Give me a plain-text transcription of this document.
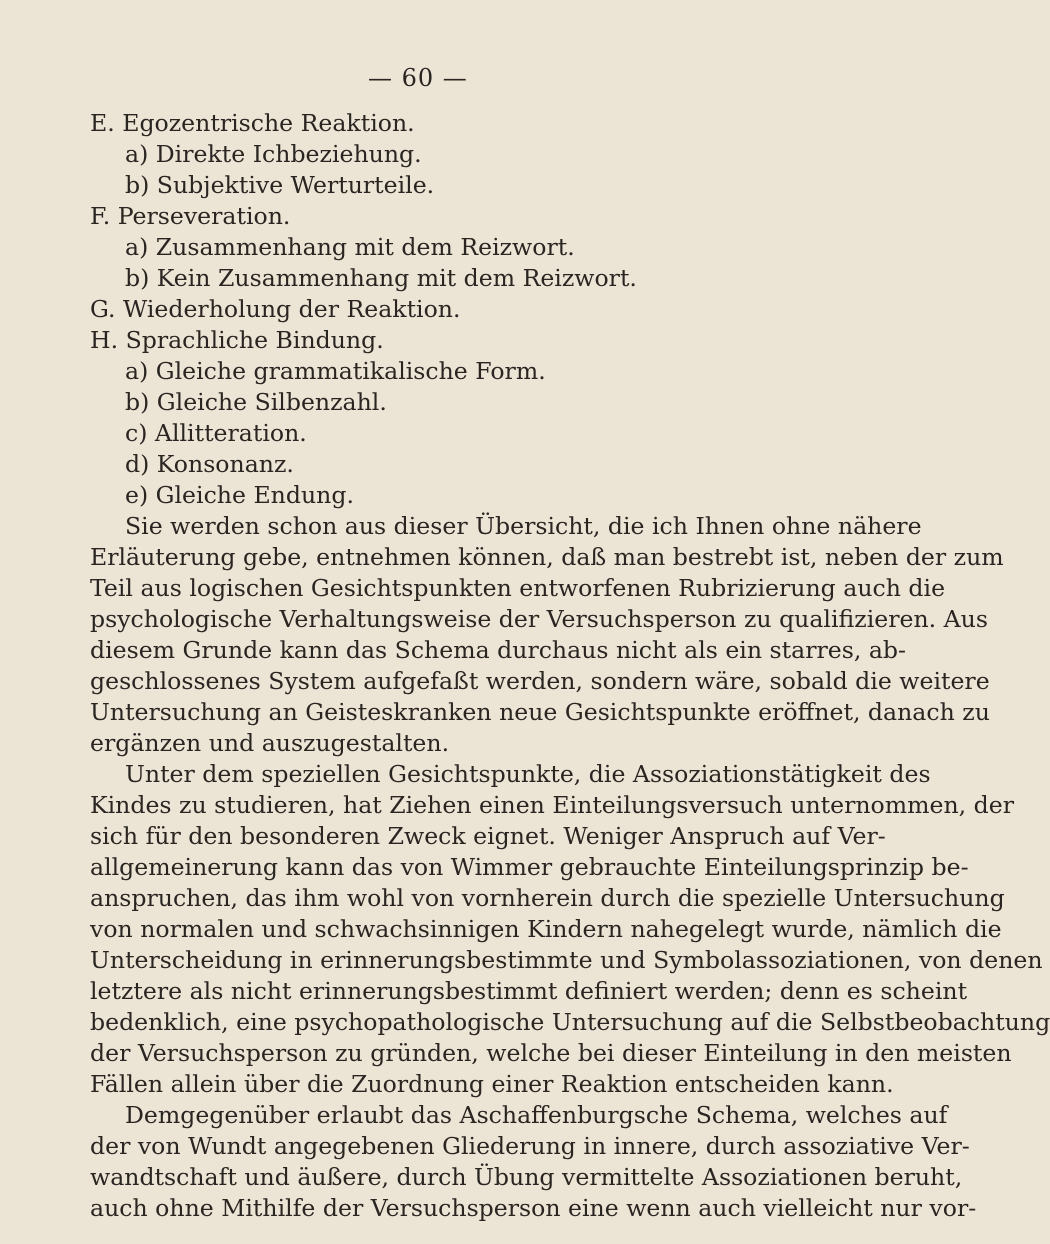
— 60 —
E. Egozentrische Reaktion.
a) Direkte Ichbeziehung.
b) Subjektive Werturteile.
F. Perseveration.
a) Zusammenhang mit dem Reizwort.
b) Kein Zusammenhang mit dem Reizwort.
G. Wiederholung der Reaktion.
H. Sprachliche Bindung.
a) Gleiche grammatikalische Form.
b) Gleiche Silbenzahl.
c) Allitteration.
d) Konsonanz.
e) Gleiche Endung.
Sie werden schon aus dieser Übersicht, die ich Ihnen ohne nähere
Erläuterung gebe, entnehmen können, daß man bestrebt ist, neben der zum
Teil aus logischen Gesichtspunkten entworfenen Rubrizierung auch die
psychologische Verhaltungsweise der Versuchsperson zu qualifizieren. Aus
diesem Grunde kann das Schema durchaus nicht als ein starres, ab-
geschlossenes System aufgefaßt werden, sondern wäre, sobald die weitere
Untersuchung an Geisteskranken neue Gesichtspunkte eröffnet, danach zu
ergänzen und auszugestalten.
Unter dem speziellen Gesichtspunkte, die Assoziationstätigkeit des
Kindes zu studieren, hat Ziehen einen Einteilungsversuch unternommen, der
sich für den besonderen Zweck eignet. Weniger Anspruch auf Ver-
allgemeinerung kann das von Wimmer gebrauchte Einteilungsprinzip be-
anspruchen, das ihm wohl von vornherein durch die spezielle Untersuchung
von normalen und schwachsinnigen Kindern nahegelegt wurde, nämlich die
Unterscheidung in erinnerungsbestimmte und Symbolassoziationen, von denen
letztere als nicht erinnerungsbestimmt definiert werden; denn es scheint
bedenklich, eine psychopathologische Untersuchung auf die Selbstbeobachtung
der Versuchsperson zu gründen, welche bei dieser Einteilung in den meisten
Fällen allein über die Zuordnung einer Reaktion entscheiden kann.
Demgegenüber erlaubt das Aschaffenburgsche Schema, welches auf
der von Wundt angegebenen Gliederung in innere, durch assoziative Ver-
wandtschaft und äußere, durch Übung vermittelte Assoziationen beruht,
auch ohne Mithilfe der Versuchsperson eine wenn auch vielleicht nur vor-
